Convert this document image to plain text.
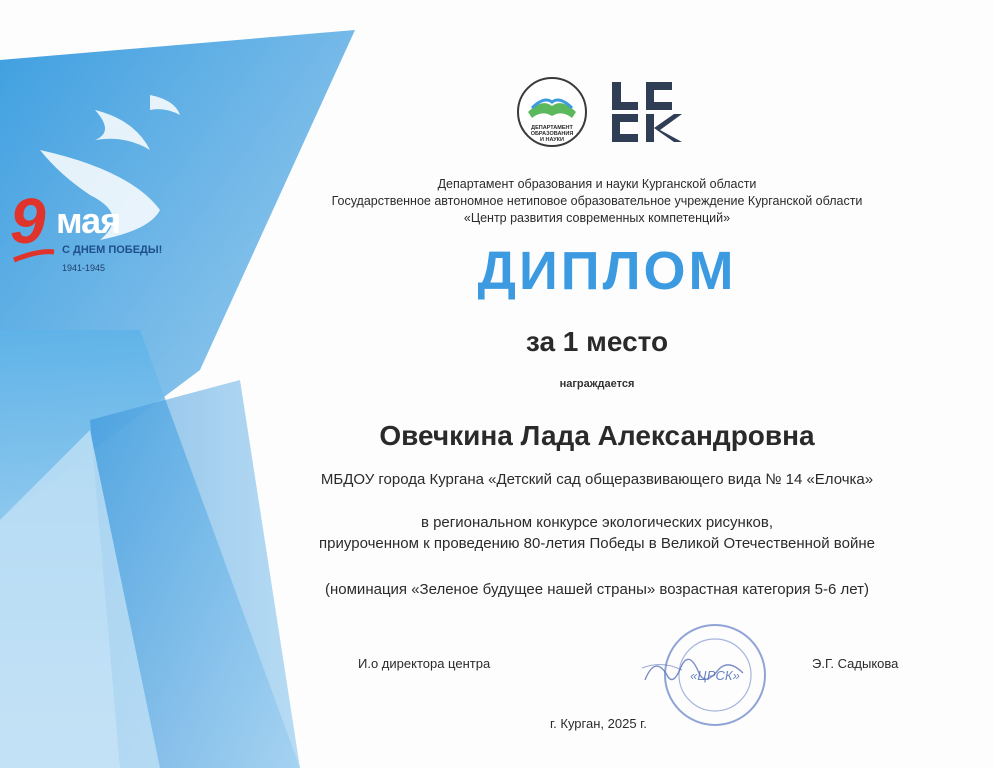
9 мая
С ДНЕМ ПОБЕДЫ!
1941-1945
ДЕПАРТАМЕНТ
ОБРАЗОВАНИЯ
И НАУКИ
Департамент образования и науки Курганской области
Государственное автономное нетиповое образовательное учреждение Курганской области
«Центр развития современных компетенций»
ДИПЛОМ
за 1 место
награждается
Овечкина Лада Александровна
МБДОУ города Кургана «Детский сад общеразвивающего вида № 14 «Елочка»
в региональном конкурсе экологических рисунков,
приуроченном к проведению 80-летия Победы в Великой Отечественной войне
(номинация «Зеленое будущее нашей страны» возрастная категория 5-6 лет)
И.о директора центра
«ЦРСК»
Э.Г. Садыкова
г. Курган, 2025 г.
